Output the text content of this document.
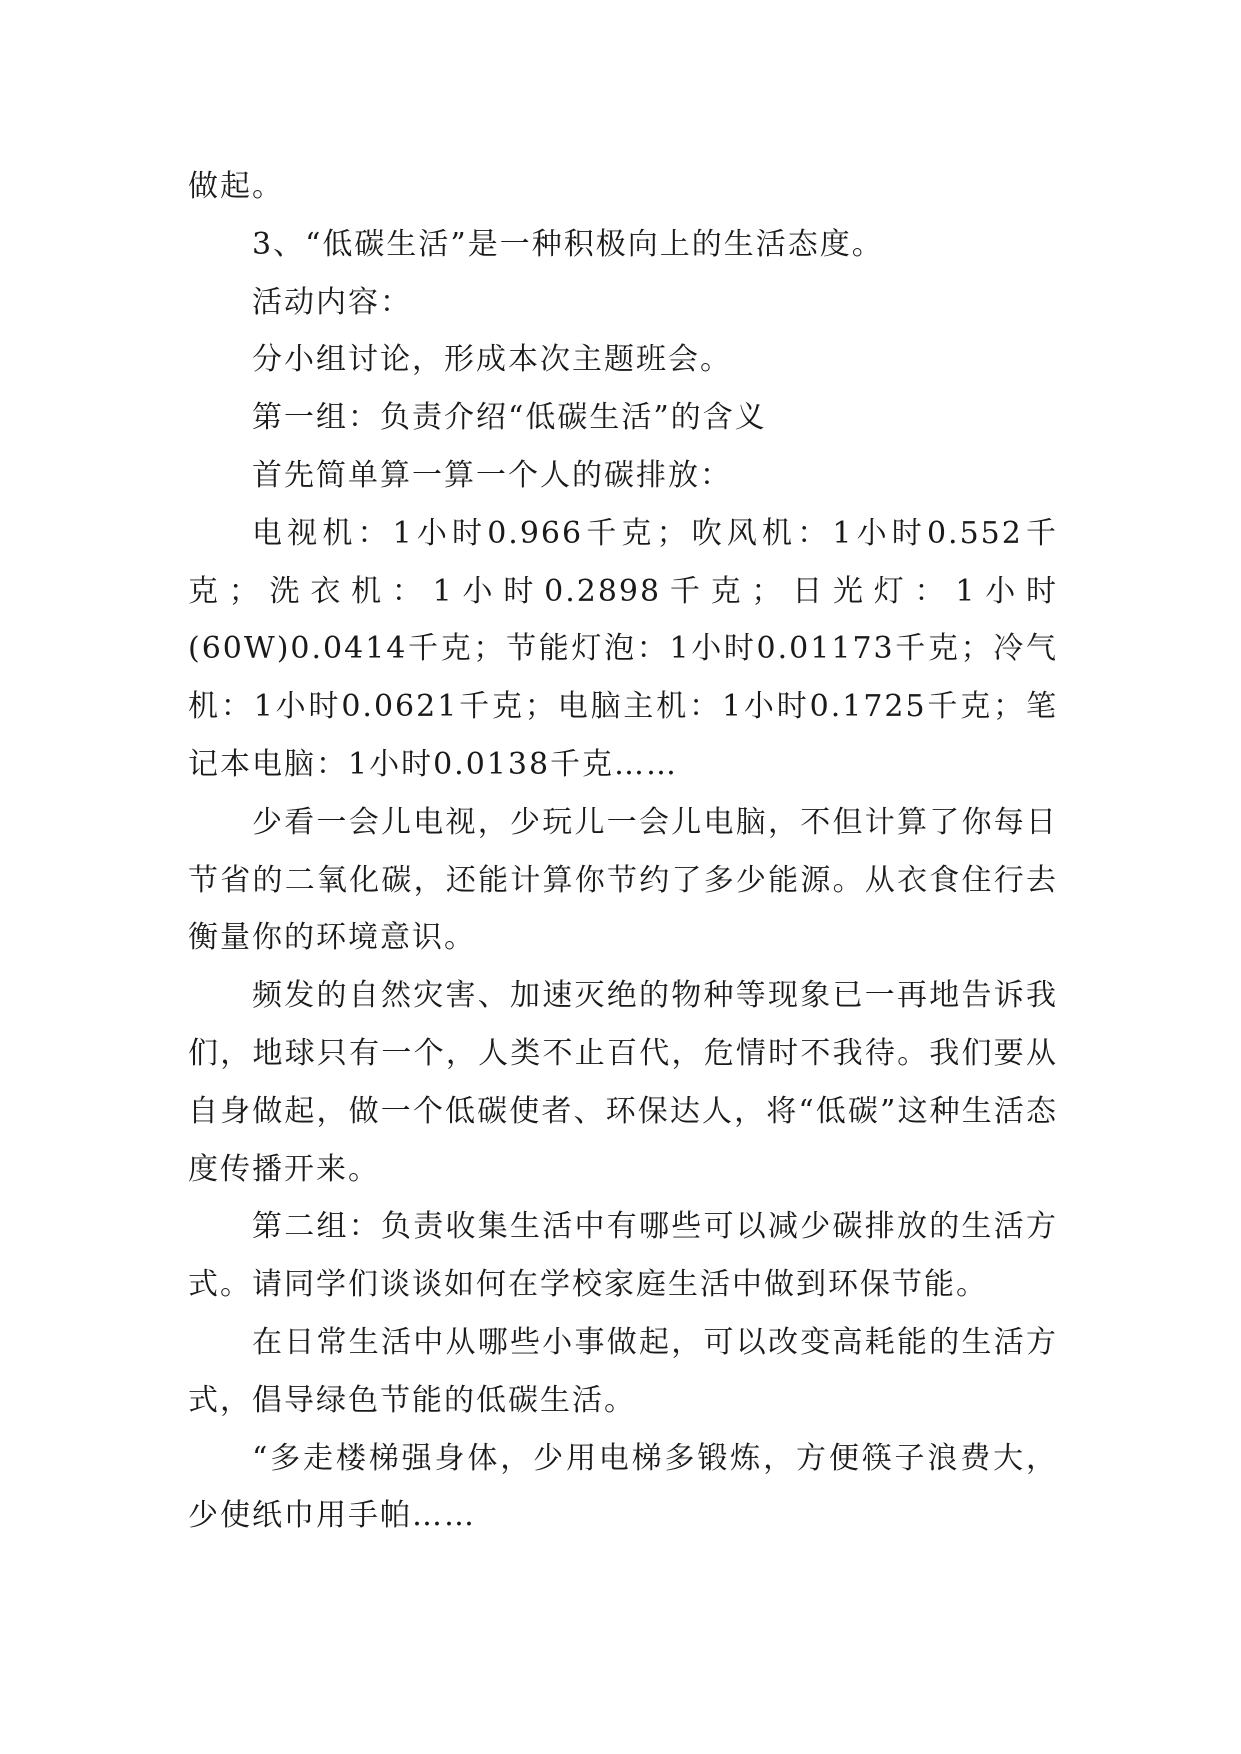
做起。

3、“低碳生活”是一种积极向上的生活态度。

活动内容：

分小组讨论，形成本次主题班会。

第一组：负责介绍“低碳生活”的含义

首先简单算一算一个人的碳排放：

电视机：1小时0.966千克；吹风机：1小时0.552千克；洗衣机：1小时0.2898千克；日光灯：1小时(60W)0.0414千克；节能灯泡：1小时0.01173千克；冷气机：1小时0.0621千克；电脑主机：1小时0.1725千克；笔记本电脑：1小时0.0138千克……

少看一会儿电视，少玩儿一会儿电脑，不但计算了你每日节省的二氧化碳，还能计算你节约了多少能源。从衣食住行去衡量你的环境意识。

频发的自然灾害、加速灭绝的物种等现象已一再地告诉我们，地球只有一个，人类不止百代，危情时不我待。我们要从自身做起，做一个低碳使者、环保达人，将“低碳”这种生活态度传播开来。

第二组：负责收集生活中有哪些可以减少碳排放的生活方式。请同学们谈谈如何在学校家庭生活中做到环保节能。

在日常生活中从哪些小事做起，可以改变高耗能的生活方式，倡导绿色节能的低碳生活。

“多走楼梯强身体，少用电梯多锻炼，方便筷子浪费大，少使纸巾用手帕……
